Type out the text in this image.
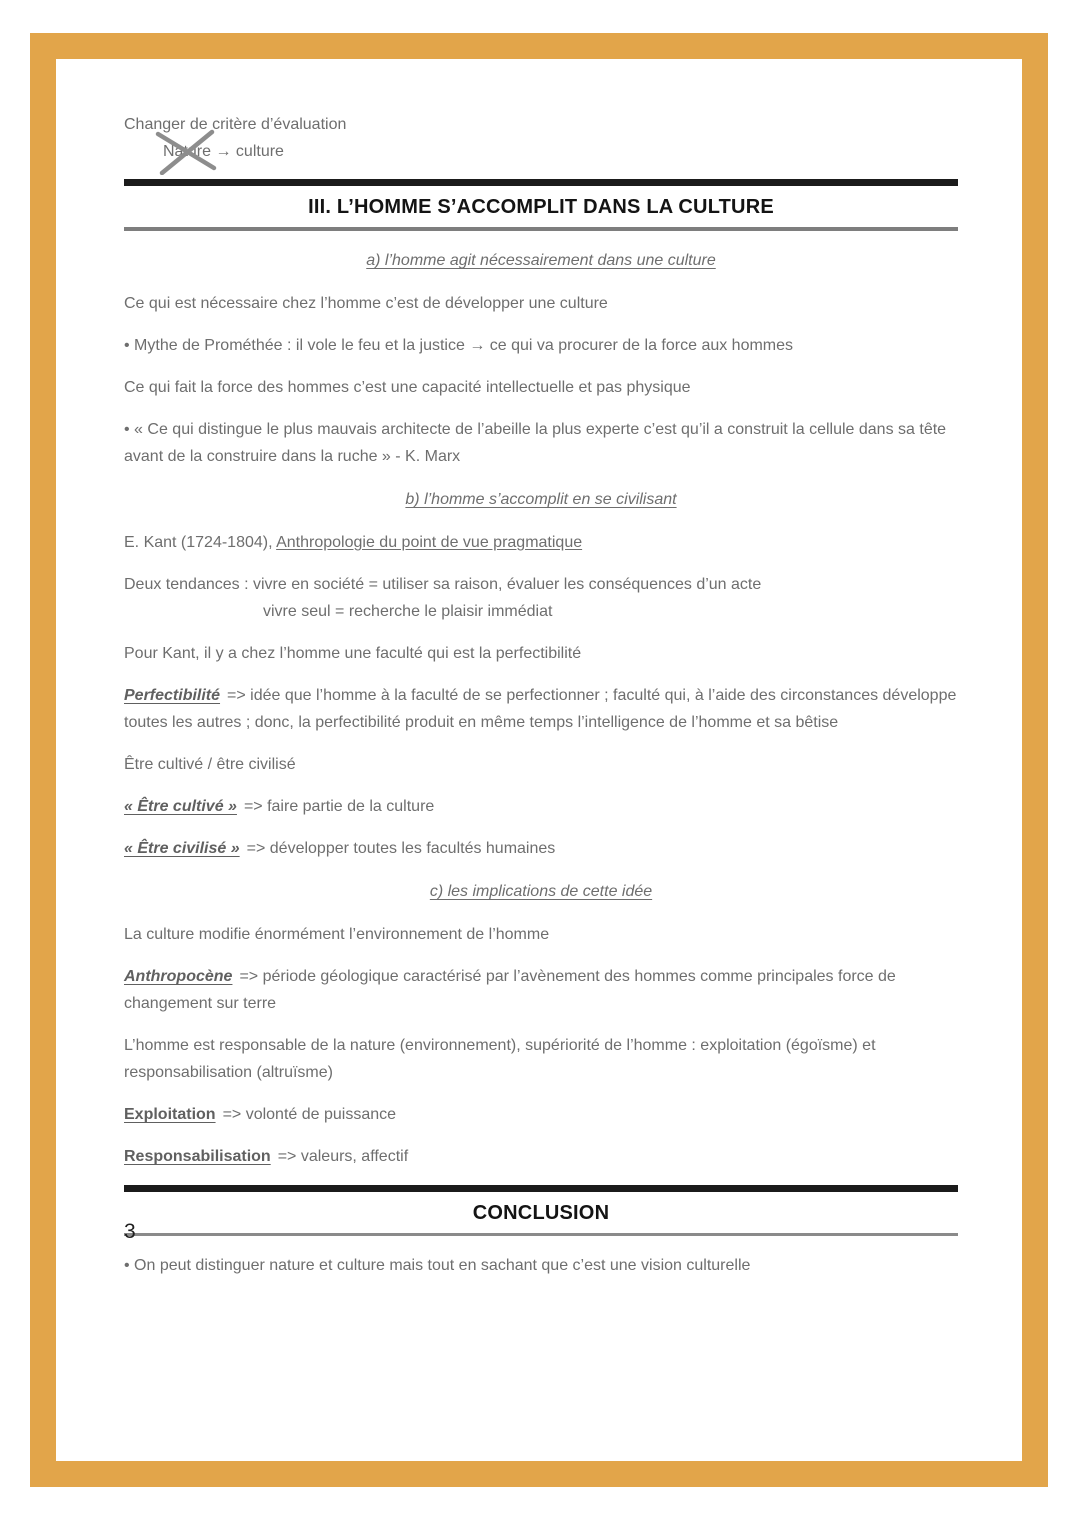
Changer de critère d’évaluation
Nature → culture
III. L’HOMME S’ACCOMPLIT DANS LA CULTURE
a) l’homme agit nécessairement dans une culture

Ce qui est nécessaire chez l’homme c’est de développer une culture

• Mythe de Prométhée : il vole le feu et la justice → ce qui va procurer de la force aux hommes

Ce qui fait la force des hommes c’est une capacité intellectuelle et pas physique

• « Ce qui distingue le plus mauvais architecte de l’abeille la plus experte c’est qu’il a construit la cellule dans sa tête avant de la construire dans la ruche » - K. Marx

b) l’homme s’accomplit en se civilisant

E. Kant (1724-1804), Anthropologie du point de vue pragmatique

Deux tendances : vivre en société = utiliser sa raison, évaluer les conséquences d’un acte
vivre seul = recherche le plaisir immédiat

Pour Kant, il y a chez l’homme une faculté qui est la perfectibilité

Perfectibilité => idée que l’homme à la faculté de se perfectionner ; faculté qui, à l’aide des circonstances développe toutes les autres ; donc, la perfectibilité produit en même temps l’intelligence de l’homme et sa bêtise

Être cultivé / être civilisé

« Être cultivé » => faire partie de la culture

« Être civilisé » => développer toutes les facultés humaines

c) les implications de cette idée

La culture modifie énormément l’environnement de l’homme

Anthropocène => période géologique caractérisé par l’avènement des hommes comme principales force de changement sur terre

L’homme est responsable de la nature (environnement), supériorité de l’homme : exploitation (égoïsme) et responsabilisation (altruïsme)

Exploitation => volonté de puissance

Responsabilisation => valeurs, affectif

CONCLUSION

• On peut distinguer nature et culture mais tout en sachant que c’est une vision culturelle

3
